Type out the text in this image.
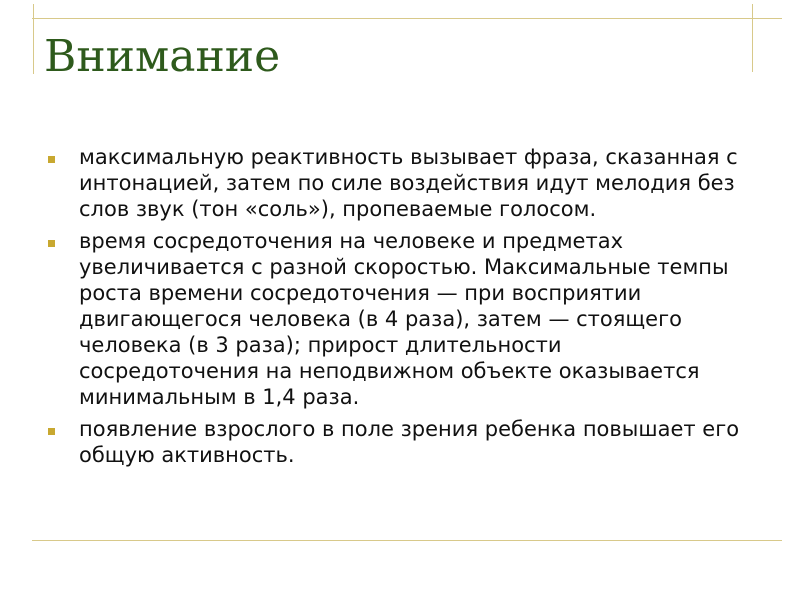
Внимание
максимальную реактивность вызывает фраза, сказанная с интонацией, затем по силе воздействия идут мелодия без слов звук (тон «соль»), пропеваемые голосом.
время сосредоточения на человеке и предметах увеличивается с разной скоростью. Максимальные темпы роста времени сосредоточения — при восприятии двигающегося человека (в 4 раза), затем — стоящего человека (в 3 раза); прирост длительности сосредоточения на неподвижном объекте оказывается минимальным в 1,4 раза.
появление взрослого в поле зрения ребенка повышает его общую активность.
